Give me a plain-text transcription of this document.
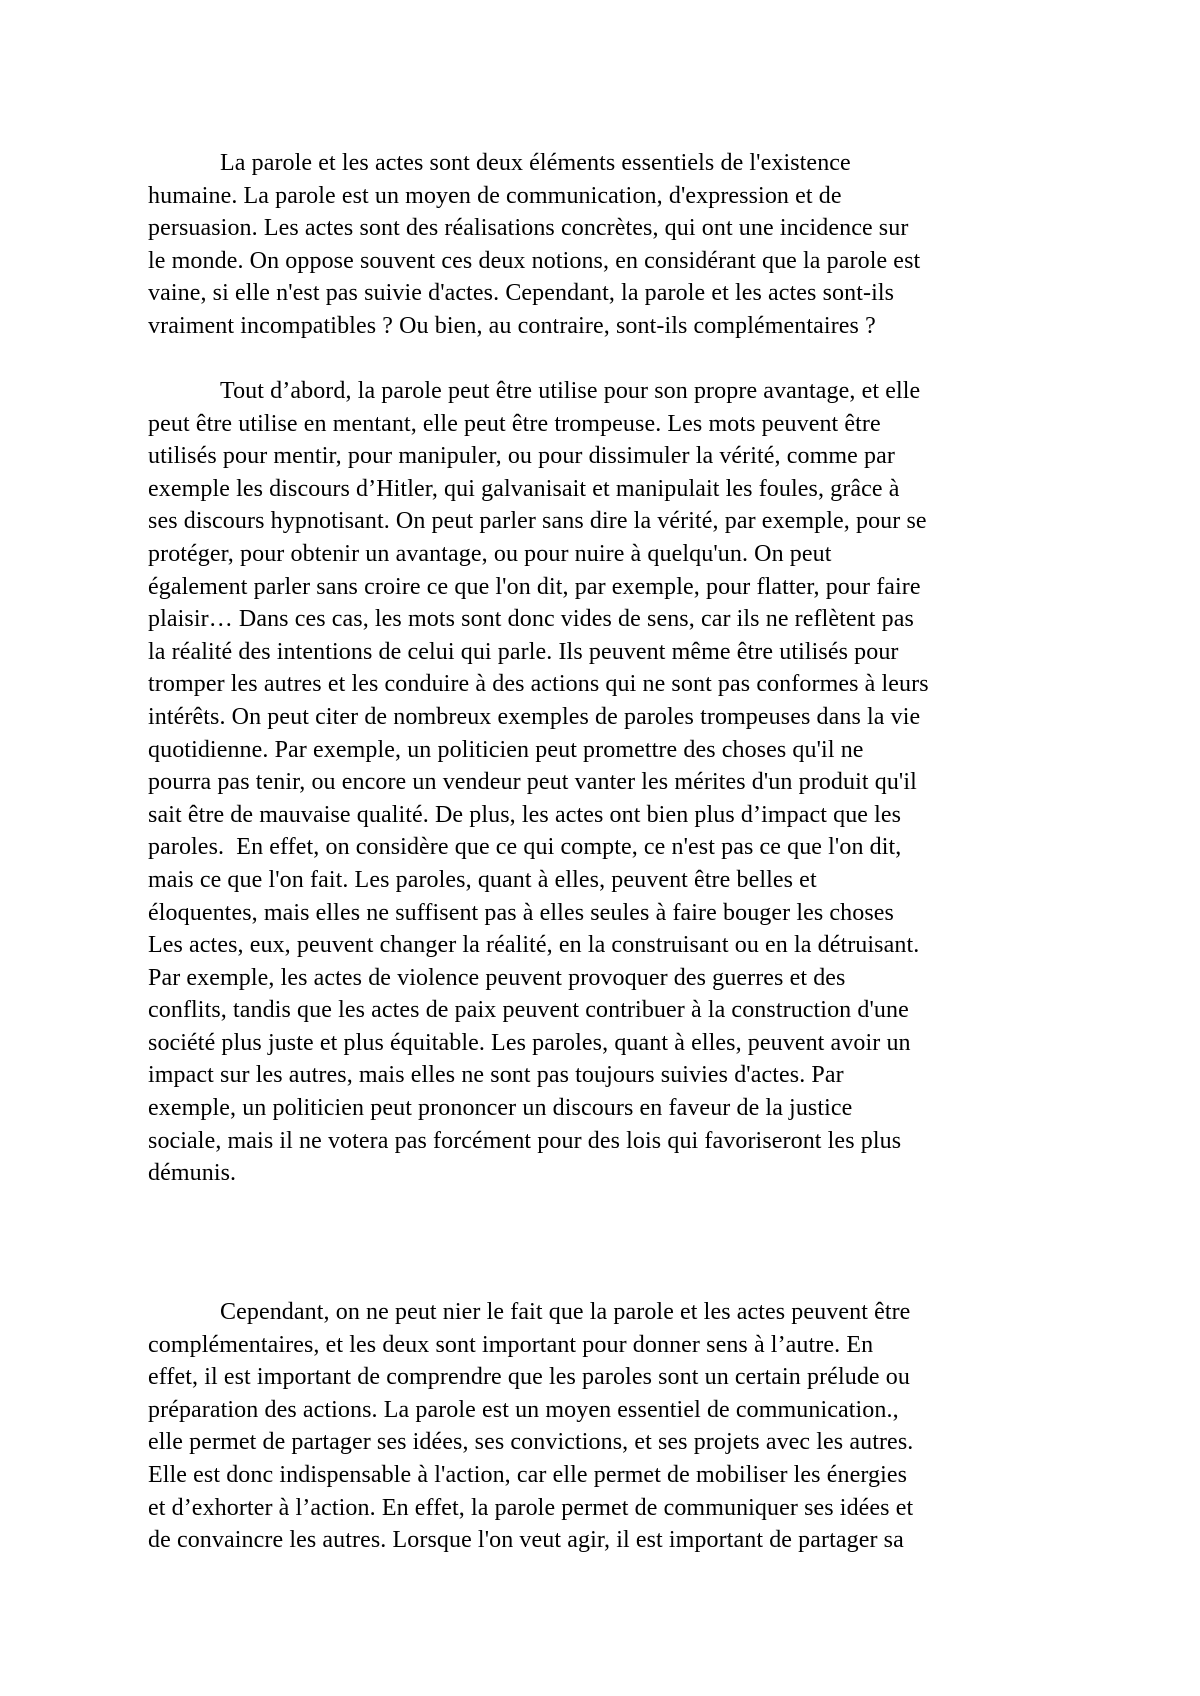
La parole et les actes sont deux éléments essentiels de l'existence
humaine. La parole est un moyen de communication, d'expression et de
persuasion. Les actes sont des réalisations concrètes, qui ont une incidence sur
le monde. On oppose souvent ces deux notions, en considérant que la parole est
vaine, si elle n'est pas suivie d'actes. Cependant, la parole et les actes sont-ils
vraiment incompatibles ? Ou bien, au contraire, sont-ils complémentaires ?
Tout d’abord, la parole peut être utilise pour son propre avantage, et elle
peut être utilise en mentant, elle peut être trompeuse. Les mots peuvent être
utilisés pour mentir, pour manipuler, ou pour dissimuler la vérité, comme par
exemple les discours d’Hitler, qui galvanisait et manipulait les foules, grâce à
ses discours hypnotisant. On peut parler sans dire la vérité, par exemple, pour se
protéger, pour obtenir un avantage, ou pour nuire à quelqu'un. On peut
également parler sans croire ce que l'on dit, par exemple, pour flatter, pour faire
plaisir… Dans ces cas, les mots sont donc vides de sens, car ils ne reflètent pas
la réalité des intentions de celui qui parle. Ils peuvent même être utilisés pour
tromper les autres et les conduire à des actions qui ne sont pas conformes à leurs
intérêts. On peut citer de nombreux exemples de paroles trompeuses dans la vie
quotidienne. Par exemple, un politicien peut promettre des choses qu'il ne
pourra pas tenir, ou encore un vendeur peut vanter les mérites d'un produit qu'il
sait être de mauvaise qualité. De plus, les actes ont bien plus d’impact que les
paroles.  En effet, on considère que ce qui compte, ce n'est pas ce que l'on dit,
mais ce que l'on fait. Les paroles, quant à elles, peuvent être belles et
éloquentes, mais elles ne suffisent pas à elles seules à faire bouger les choses
Les actes, eux, peuvent changer la réalité, en la construisant ou en la détruisant.
Par exemple, les actes de violence peuvent provoquer des guerres et des
conflits, tandis que les actes de paix peuvent contribuer à la construction d'une
société plus juste et plus équitable. Les paroles, quant à elles, peuvent avoir un
impact sur les autres, mais elles ne sont pas toujours suivies d'actes. Par
exemple, un politicien peut prononcer un discours en faveur de la justice
sociale, mais il ne votera pas forcément pour des lois qui favoriseront les plus
démunis.
Cependant, on ne peut nier le fait que la parole et les actes peuvent être
complémentaires, et les deux sont important pour donner sens à l’autre. En
effet, il est important de comprendre que les paroles sont un certain prélude ou
préparation des actions. La parole est un moyen essentiel de communication.,
elle permet de partager ses idées, ses convictions, et ses projets avec les autres.
Elle est donc indispensable à l'action, car elle permet de mobiliser les énergies
et d’exhorter à l’action. En effet, la parole permet de communiquer ses idées et
de convaincre les autres. Lorsque l'on veut agir, il est important de partager sa
